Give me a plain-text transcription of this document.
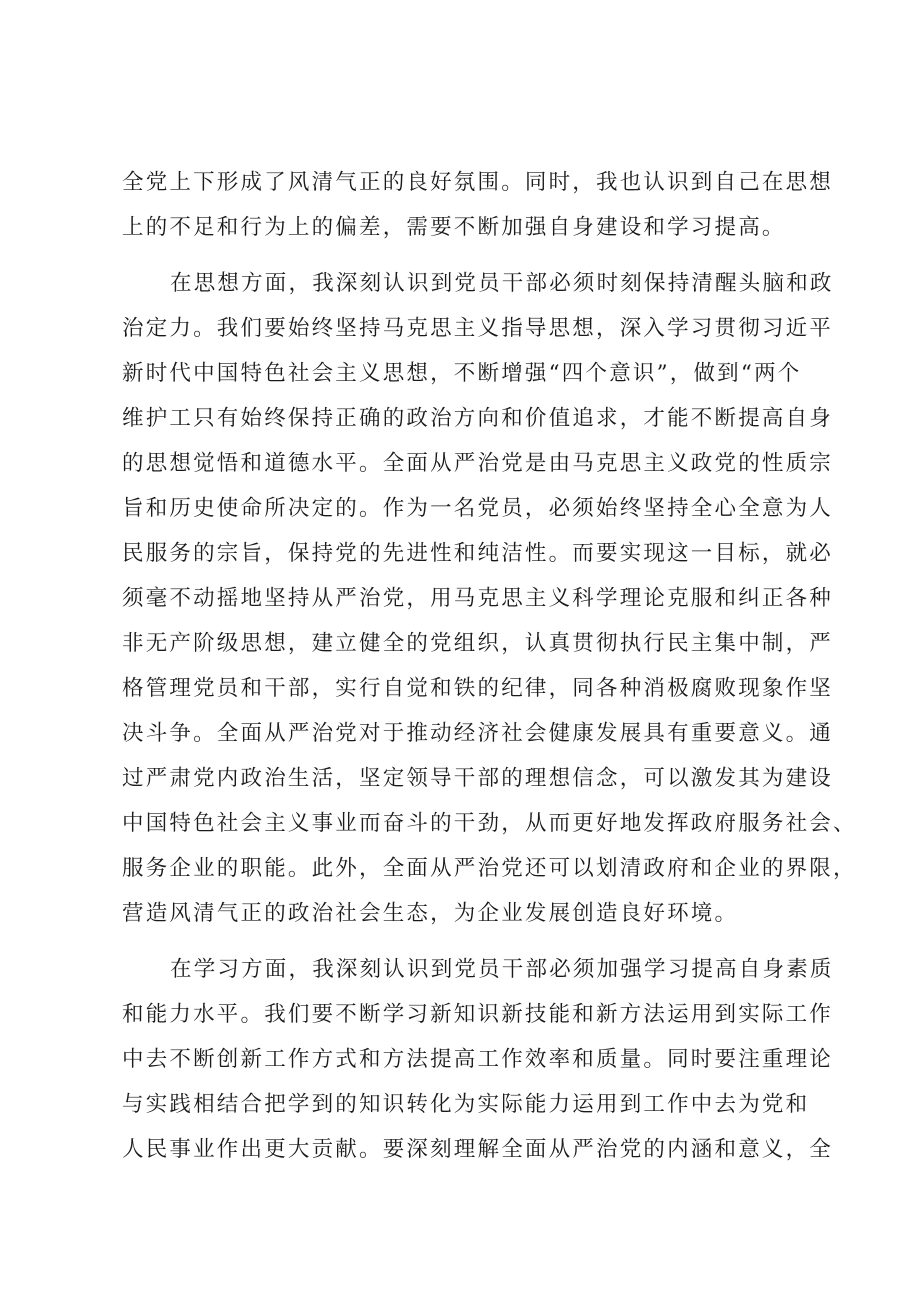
全党上下形成了风清气正的良好氛围。同时，我也认识到自己在思想
上的不足和行为上的偏差，需要不断加强自身建设和学习提高。

在思想方面，我深刻认识到党员干部必须时刻保持清醒头脑和政
治定力。我们要始终坚持马克思主义指导思想，深入学习贯彻习近平
新时代中国特色社会主义思想，不断增强“四个意识”，做到“两个
维护工只有始终保持正确的政治方向和价值追求，才能不断提高自身
的思想觉悟和道德水平。全面从严治党是由马克思主义政党的性质宗
旨和历史使命所决定的。作为一名党员，必须始终坚持全心全意为人
民服务的宗旨，保持党的先进性和纯洁性。而要实现这一目标，就必
须毫不动摇地坚持从严治党，用马克思主义科学理论克服和纠正各种
非无产阶级思想，建立健全的党组织，认真贯彻执行民主集中制，严
格管理党员和干部，实行自觉和铁的纪律，同各种消极腐败现象作坚
决斗争。全面从严治党对于推动经济社会健康发展具有重要意义。通
过严肃党内政治生活，坚定领导干部的理想信念，可以激发其为建设
中国特色社会主义事业而奋斗的干劲，从而更好地发挥政府服务社会、
服务企业的职能。此外，全面从严治党还可以划清政府和企业的界限，
营造风清气正的政治社会生态，为企业发展创造良好环境。

在学习方面，我深刻认识到党员干部必须加强学习提高自身素质
和能力水平。我们要不断学习新知识新技能和新方法运用到实际工作
中去不断创新工作方式和方法提高工作效率和质量。同时要注重理论
与实践相结合把学到的知识转化为实际能力运用到工作中去为党和
人民事业作出更大贡献。要深刻理解全面从严治党的内涵和意义，全
